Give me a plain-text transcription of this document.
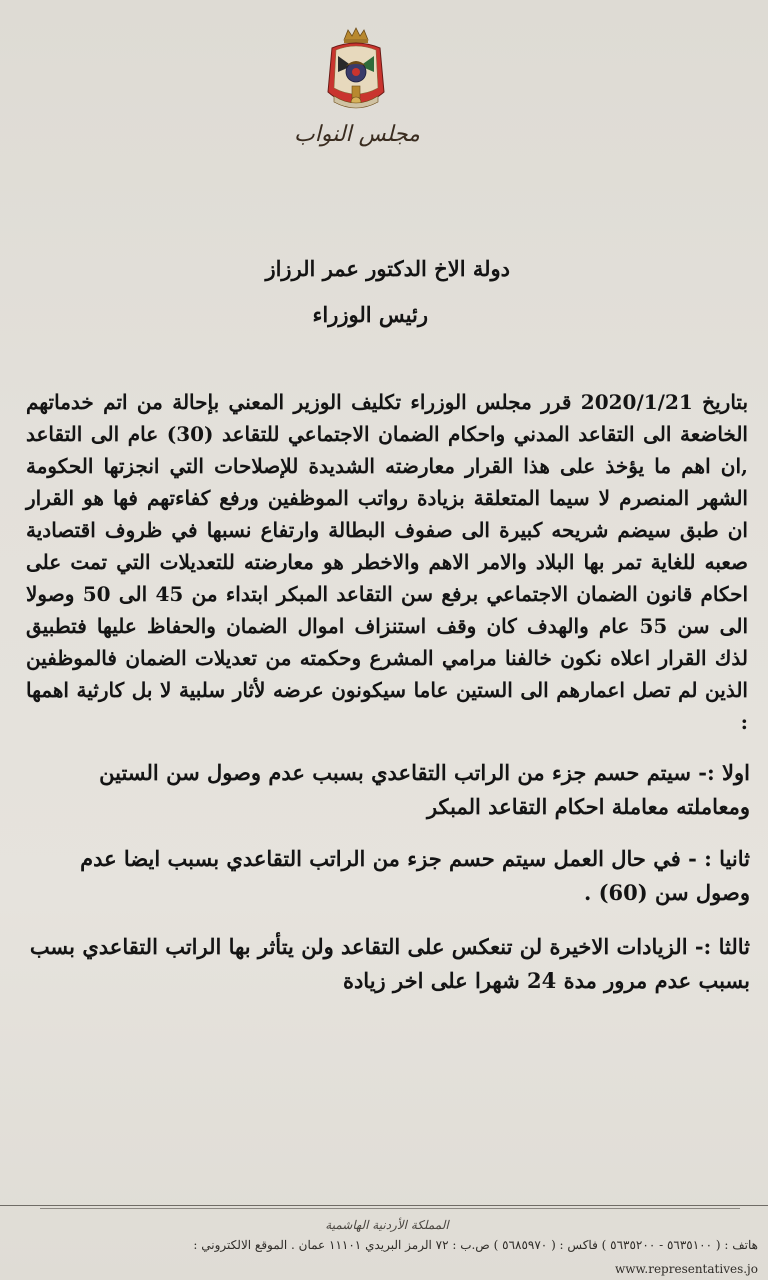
مجلس النواب
دولة الاخ الدكتور عمر الرزاز
رئيس الوزراء

بتاريخ 2020/1/21 قرر مجلس الوزراء تكليف الوزير المعني بإحالة من اتم خدماتهم الخاضعة الى التقاعد المدني واحكام الضمان الاجتماعي للتقاعد (30) عام الى التقاعد ,ان اهم ما يؤخذ على هذا القرار معارضته الشديدة للإصلاحات التي انجزتها الحكومة الشهر المنصرم لا سيما المتعلقة بزيادة رواتب الموظفين ورفع كفاءتهم فها هو القرار ان طبق سيضم شريحه كبيرة الى صفوف البطالة وارتفاع نسبها في ظروف اقتصادية صعبه للغاية تمر بها البلاد والامر الاهم والاخطر هو معارضته للتعديلات التي تمت على احكام قانون الضمان الاجتماعي برفع سن التقاعد المبكر ابتداء من 45 الى 50 وصولا الى سن 55 عام والهدف كان وقف استنزاف اموال الضمان والحفاظ عليها فتطبيق لذك القرار اعلاه نكون خالفنا مرامي المشرع وحكمته من تعديلات الضمان فالموظفين الذين لم تصل اعمارهم الى الستين عاما سيكونون عرضه لأثار سلبية لا بل كارثية اهمها :

اولا :- سيتم حسم جزء من الراتب التقاعدي بسبب عدم وصول سن الستين ومعاملته معاملة احكام التقاعد المبكر

ثانيا : - في حال العمل سيتم حسم جزء من الراتب التقاعدي بسبب ايضا عدم وصول سن (60) .

ثالثا :- الزيادات الاخيرة لن تنعكس على التقاعد ولن يتأثر بها الراتب التقاعدي بسب بسبب عدم مرور مدة 24 شهرا على اخر زيادة

المملكة الأردنية الهاشمية
هاتف : ( ٥٦٣٥١٠٠ - ٥٦٣٥٢٠٠ ) فاكس : ( ٥٦٨٥٩٧٠ ) ص.ب : ٧٢ الرمز البريدي ١١١٠١ عمان . الموقع الالكتروني :
www.representatives.jo
